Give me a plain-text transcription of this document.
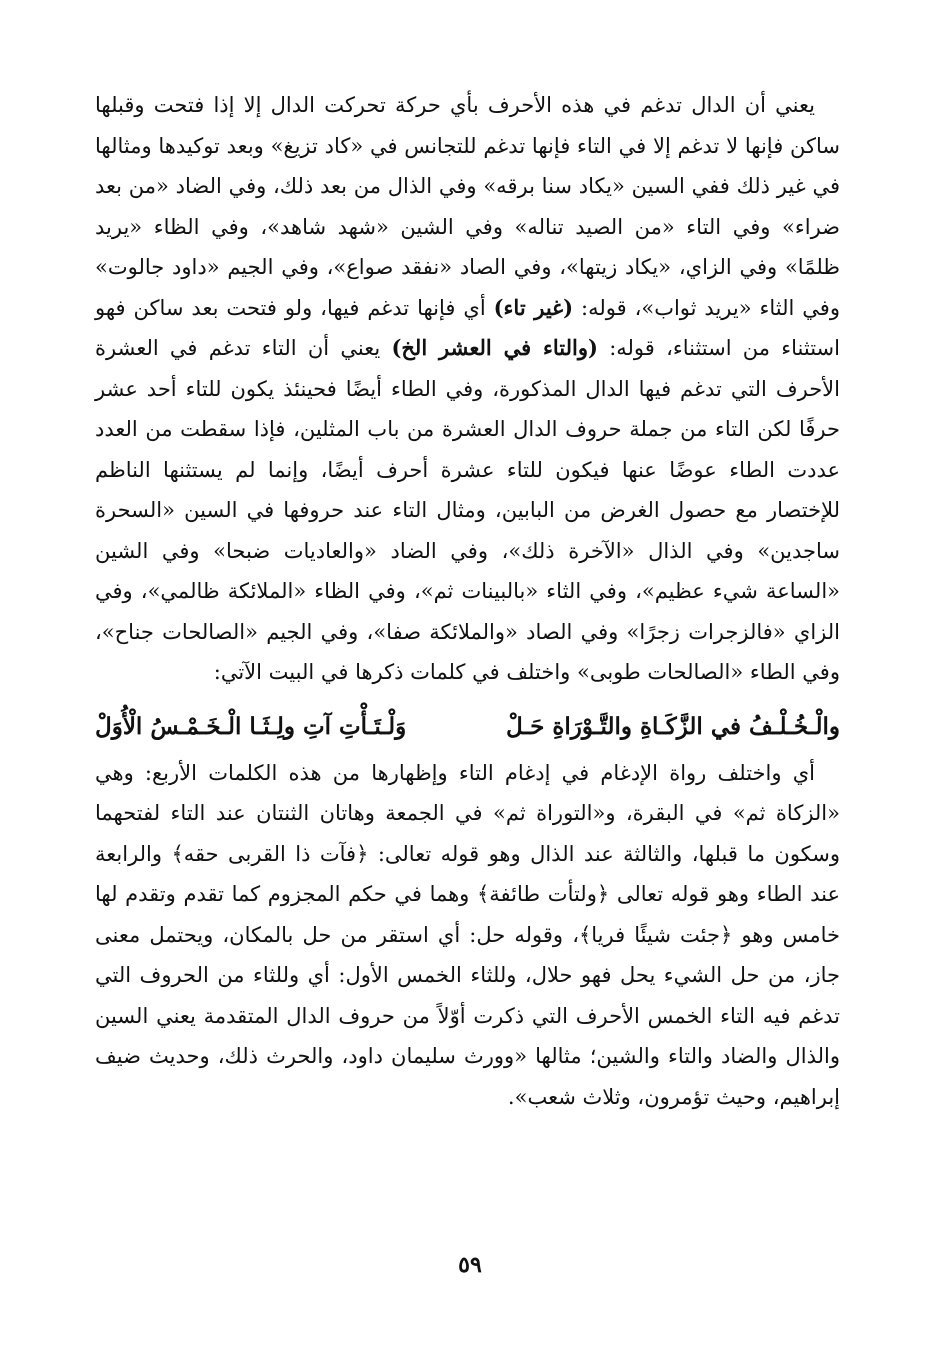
يعني أن الدال تدغم في هذه الأحرف بأي حركة تحركت الدال إلا إذا فتحت وقبلها ساكن فإنها لا تدغم إلا في التاء فإنها تدغم للتجانس في «كاد تزيغ» وبعد توكيدها ومثالها في غير ذلك ففي السين «يكاد سنا برقه» وفي الذال من بعد ذلك، وفي الضاد «من بعد ضراء» وفي التاء «من الصيد تناله» وفي الشين «شهد شاهد»، وفي الظاء «يريد ظلمًا» وفي الزاي، «يكاد زيتها»، وفي الصاد «نفقد صواع»، وفي الجيم «داود جالوت» وفي الثاء «يريد ثواب»، قوله: (غير تاء) أي فإنها تدغم فيها، ولو فتحت بعد ساكن فهو استثناء من استثناء، قوله: (والتاء في العشر الخ) يعني أن التاء تدغم في العشرة الأحرف التي تدغم فيها الدال المذكورة، وفي الطاء أيضًا فحينئذ يكون للتاء أحد عشر حرفًا لكن التاء من جملة حروف الدال العشرة من باب المثلين، فإذا سقطت من العدد عددت الطاء عوضًا عنها فيكون للتاء عشرة أحرف أيضًا، وإنما لم يستثنها الناظم للإختصار مع حصول الغرض من البابين، ومثال التاء عند حروفها في السين «السحرة ساجدين» وفي الذال «الآخرة ذلك»، وفي الضاد «والعاديات ضبحا» وفي الشين «الساعة شيء عظيم»، وفي الثاء «بالبينات ثم»، وفي الظاء «الملائكة ظالمي»، وفي الزاي «فالزجرات زجرًا» وفي الصاد «والملائكة صفا»، وفي الجيم «الصالحات جناح»، وفي الطاء «الصالحات طوبى» واختلف في كلمات ذكرها في البيت الآتي:

والْـخُـلْـفُ في الزَّكَـاةِ والتَّـوْرَاةِ حَـلْ
وَلْـتَـأْتِ آتِ ولِـثَـا الْـخَـمْـسُ الْأُوَلْ

أي واختلف رواة الإدغام في إدغام التاء وإظهارها من هذه الكلمات الأربع: وهي «الزكاة ثم» في البقرة، و«التوراة ثم» في الجمعة وهاتان الثنتان عند التاء لفتحهما وسكون ما قبلها، والثالثة عند الذال وهو قوله تعالى: ﴿فآت ذا القربى حقه﴾ والرابعة عند الطاء وهو قوله تعالى ﴿ولتأت طائفة﴾ وهما في حكم المجزوم كما تقدم وتقدم لها خامس وهو ﴿جئت شيئًا فريا﴾، وقوله حل: أي استقر من حل بالمكان، ويحتمل معنى جاز، من حل الشيء يحل فهو حلال، وللثاء الخمس الأول: أي وللثاء من الحروف التي تدغم فيه التاء الخمس الأحرف التي ذكرت أوّلاً من حروف الدال المتقدمة يعني السين والذال والضاد والتاء والشين؛ مثالها «وورث سليمان داود، والحرث ذلك، وحديث ضيف إبراهيم، وحيث تؤمرون، وثلاث شعب».

٥٩
